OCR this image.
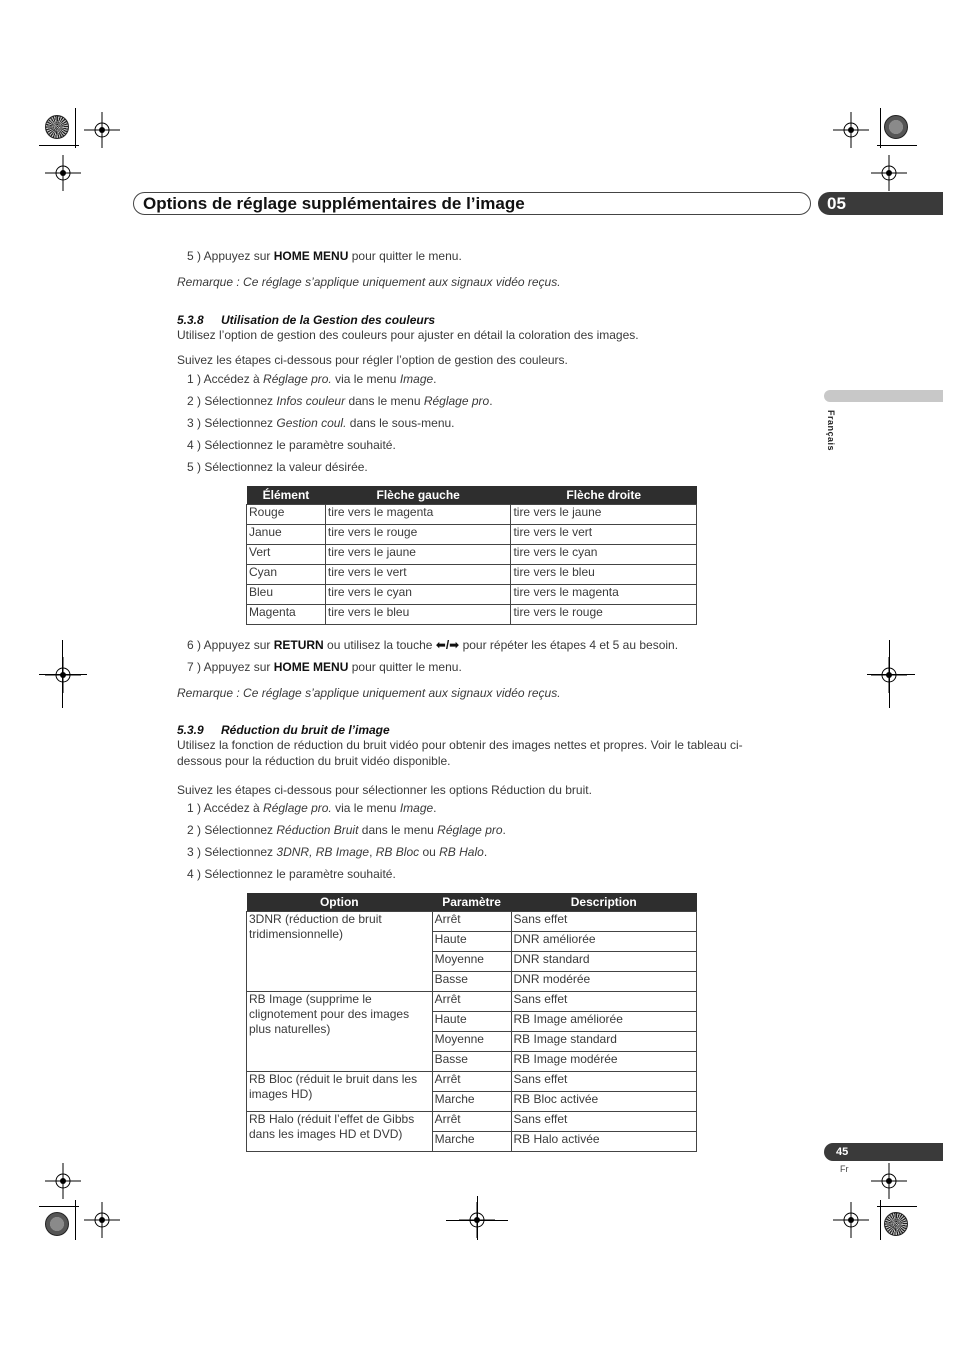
Options de réglage supplémentaires de l’image	05
Français
5 ) Appuyez sur HOME MENU pour quitter le menu.
Remarque : Ce réglage s’applique uniquement aux signaux vidéo reçus.
5.3.8 Utilisation de la Gestion des couleurs
Utilisez l’option de gestion des couleurs pour ajuster en détail la coloration des images.
Suivez les étapes ci-dessous pour régler l’option de gestion des couleurs.
1 ) Accédez à Réglage pro. via le menu Image.
2 ) Sélectionnez Infos couleur dans le menu Réglage pro.
3 ) Sélectionnez Gestion coul. dans le sous-menu.
4 ) Sélectionnez le paramètre souhaité.
5 ) Sélectionnez la valeur désirée.
Élément	Flèche gauche	Flèche droite
Rouge	tire vers le magenta	tire vers le jaune
Janue	tire vers le rouge	tire vers le vert
Vert	tire vers le jaune	tire vers le cyan
Cyan	tire vers le vert	tire vers le bleu
Bleu	tire vers le cyan	tire vers le magenta
Magenta	tire vers le bleu	tire vers le rouge
6 ) Appuyez sur RETURN ou utilisez la touche ⬅/➡ pour répéter les étapes 4 et 5 au besoin.
7 ) Appuyez sur HOME MENU pour quitter le menu.
Remarque : Ce réglage s’applique uniquement aux signaux vidéo reçus.
5.3.9 Réduction du bruit de l’image
Utilisez la fonction de réduction du bruit vidéo pour obtenir des images nettes et propres. Voir le tableau ci-
dessous pour la réduction du bruit vidéo disponible.
Suivez les étapes ci-dessous pour sélectionner les options Réduction du bruit.
1 ) Accédez à Réglage pro. via le menu Image.
2 ) Sélectionnez Réduction Bruit dans le menu Réglage pro.
3 ) Sélectionnez 3DNR, RB Image, RB Bloc ou RB Halo.
4 ) Sélectionnez le paramètre souhaité.
Option	Paramètre	Description
3DNR (réduction de bruit tridimensionnelle)	Arrêt	Sans effet
	Haute	DNR améliorée
	Moyenne	DNR standard
	Basse	DNR modérée
RB Image (supprime le clignotement pour des images plus naturelles)	Arrêt	Sans effet
	Haute	RB Image améliorée
	Moyenne	RB Image standard
	Basse	RB Image modérée
RB Bloc (réduit le bruit dans les images HD)	Arrêt	Sans effet
	Marche	RB Bloc activée
RB Halo (réduit l’effet de Gibbs dans les images HD et DVD)	Arrêt	Sans effet
	Marche	RB Halo activée
45
Fr
